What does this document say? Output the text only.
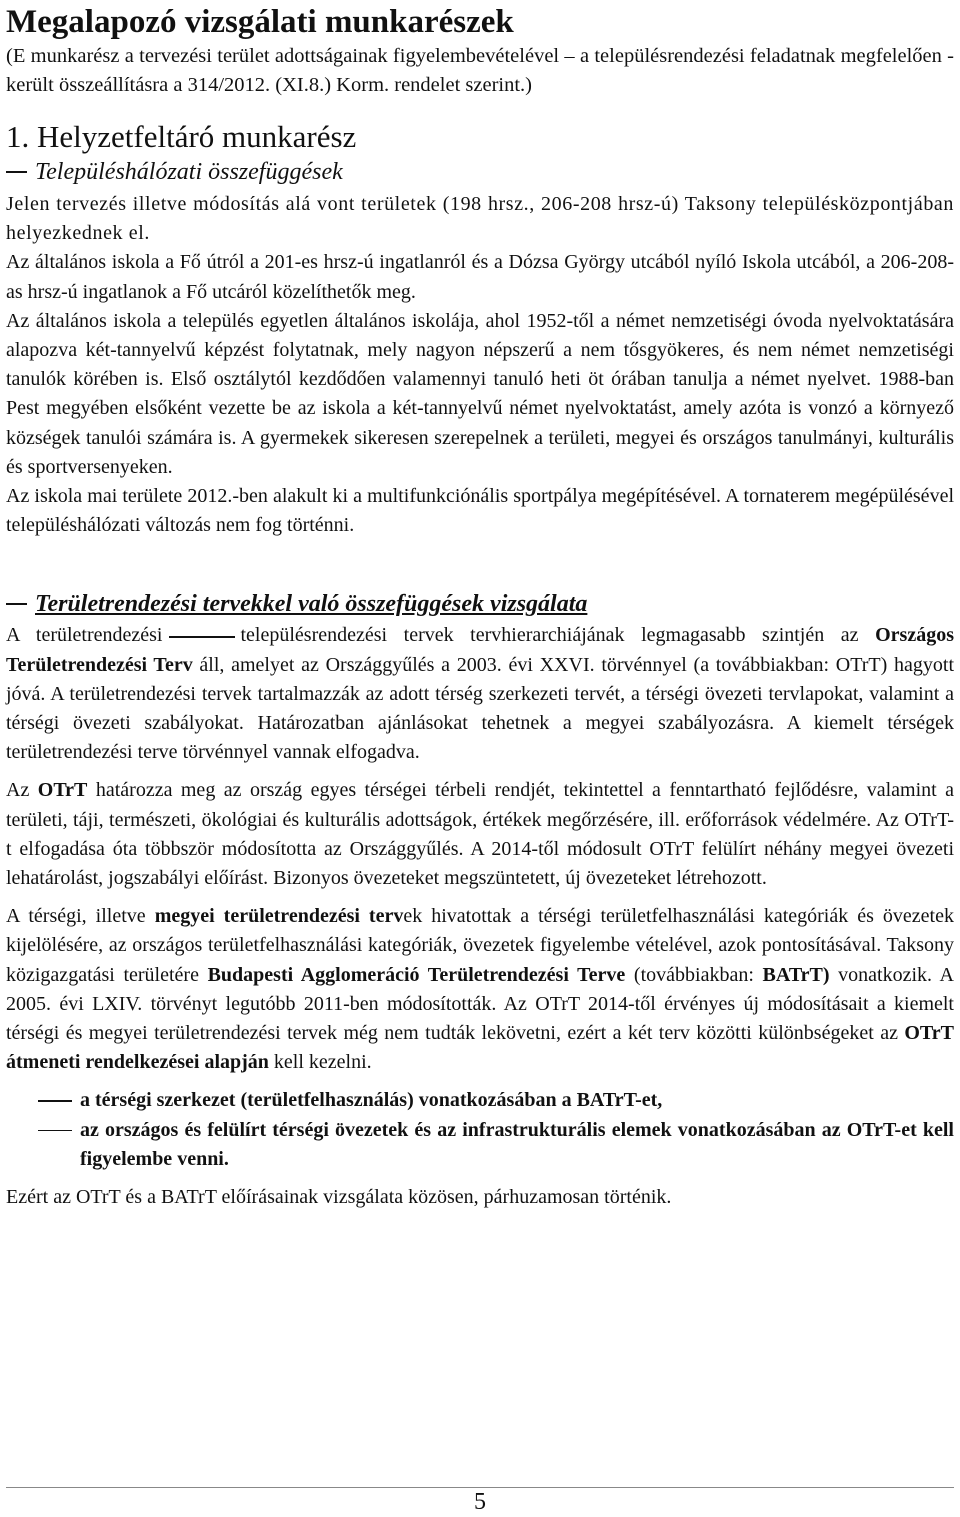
Megalapozó vizsgálati munkarészek

(E munkarész a tervezési terület adottságainak figyelembevételével – a településrendezési feladatnak megfelelően - került összeállításra a 314/2012. (XI.8.) Korm. rendelet szerint.)

1. Helyzetfeltáró munkarész
Településhálózati összefüggések

Jelen tervezés illetve módosítás alá vont területek (198 hrsz., 206-208 hrsz-ú) Taksony településközpontjában helyezkednek el.

Az általános iskola a Fő útról a 201-es hrsz-ú ingatlanról és a Dózsa György utcából nyíló Iskola utcából, a 206-208-as hrsz-ú ingatlanok a Fő utcáról közelíthetők meg.

Az általános iskola a település egyetlen általános iskolája, ahol 1952-től a német nemzetiségi óvoda nyelvoktatására alapozva két-tannyelvű képzést folytatnak, mely nagyon népszerű a nem tősgyökeres, és nem német nemzetiségi tanulók körében is. Első osztálytól kezdődően valamennyi tanuló heti öt órában tanulja a német nyelvet. 1988-ban Pest megyében elsőként vezette be az iskola a két-tannyelvű német nyelvoktatást, amely azóta is vonzó a környező községek tanulói számára is. A gyermekek sikeresen szerepelnek a területi, megyei és országos tanulmányi, kulturális és sportversenyeken.

Az iskola mai területe 2012.-ben alakult ki a multifunkciónális sportpálya megépítésével. A tornaterem megépülésével településhálózati változás nem fog történni.

Területrendezési tervekkel való összefüggések vizsgálata

A területrendezési	településrendezési tervek tervhierarchiájának legmagasabb szintjén az Országos Területrendezési Terv áll, amelyet az Országgyűlés a 2003. évi XXVI. törvénnyel (a továbbiakban: OTrT) hagyott jóvá. A területrendezési tervek tartalmazzák az adott térség szerkezeti tervét, a térségi övezeti tervlapokat, valamint a térségi övezeti szabályokat. Határozatban ajánlásokat tehetnek a megyei szabályozásra. A kiemelt térségek területrendezési terve törvénnyel vannak elfogadva.

Az OTrT határozza meg az ország egyes térségei térbeli rendjét, tekintettel a fenntartható fejlődésre, valamint a területi, táji, természeti, ökológiai és kulturális adottságok, értékek megőrzésére, ill. erőforrások védelmére. Az OTrT-t elfogadása óta többször módosította az Országgyűlés. A 2014-től módosult OTrT felülírt néhány megyei övezeti lehatárolást, jogszabályi előírást. Bizonyos övezeteket megszüntetett, új övezeteket létrehozott.

A térségi, illetve megyei területrendezési tervek hivatottak a térségi területfelhasználási kategóriák és övezetek kijelölésére, az országos területfelhasználási kategóriák, övezetek figyelembe vételével, azok pontosításával. Taksony közigazgatási területére Budapesti Agglomeráció Területrendezési Terve (továbbiakban: BATrT) vonatkozik. A 2005. évi LXIV. törvényt legutóbb 2011-ben módosították. Az OTrT 2014-től érvényes új módosításait a kiemelt térségi és megyei területrendezési tervek még nem tudták lekövetni, ezért a két terv közötti különbségeket az OTrT átmeneti rendelkezései alapján kell kezelni.

a térségi szerkezet (területfelhasználás) vonatkozásában a BATrT-et,
az országos és felülírt térségi övezetek és az infrastrukturális elemek vonatkozásában az OTrT-et kell figyelembe venni.

Ezért az OTrT és a BATrT előírásainak vizsgálata közösen, párhuzamosan történik.

5
